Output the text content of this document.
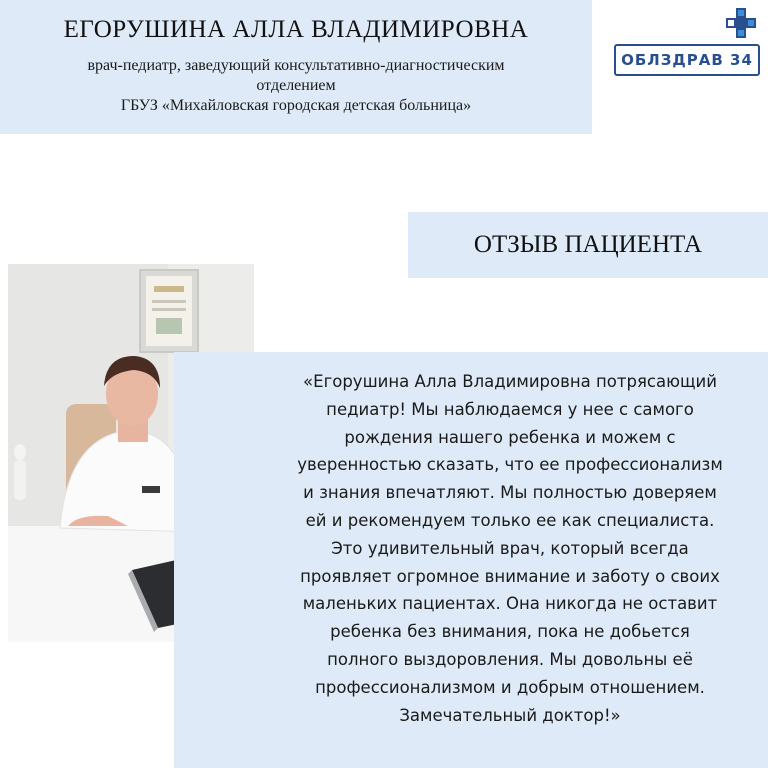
ЕГОРУШИНА АЛЛА ВЛАДИМИРОВНА
врач-педиатр, заведующий консультативно-диагностическим
отделением
ГБУЗ «Михайловская городская детская больница»
ОБЛЗДРАВ 34
ОТЗЫВ ПАЦИЕНТА
«Егорушина Алла Владимировна потрясающий
педиатр! Мы наблюдаемся у нее с самого
рождения нашего ребенка и можем с
уверенностью сказать, что ее профессионализм
и знания впечатляют. Мы полностью доверяем
ей и рекомендуем только ее как специалиста.
Это удивительный врач, который всегда
проявляет огромное внимание и заботу о своих
маленьких пациентах. Она никогда не оставит
ребенка без внимания, пока не добьется
полного выздоровления. Мы довольны её
профессионализмом и добрым отношением.
Замечательный доктор!»
